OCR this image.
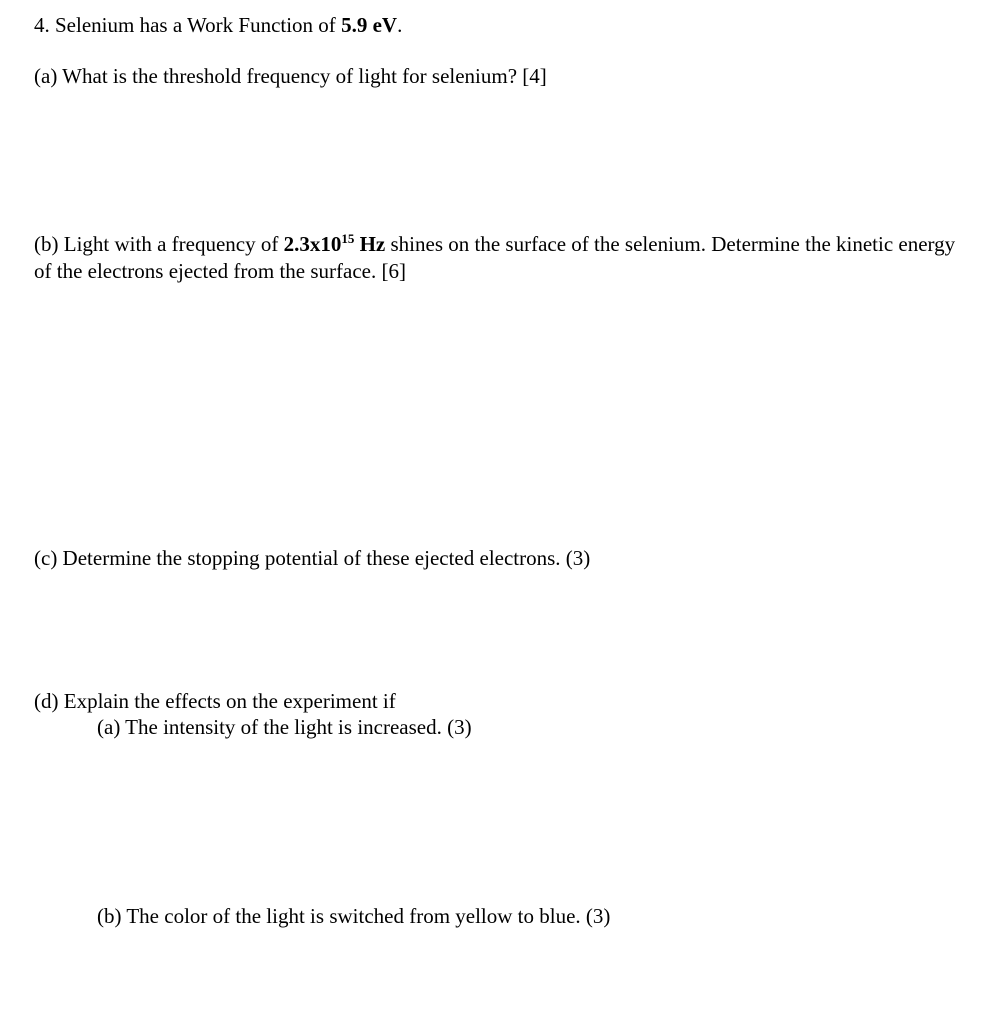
4. Selenium has a Work Function of 5.9 eV.
(a) What is the threshold frequency of light for selenium? [4]
(b) Light with a frequency of $2.3x10^{15}$ Hz shines on the surface of the selenium. Determine the kinetic energy
of the electrons ejected from the surface. [6]
(c) Determine the stopping potential of these ejected electrons. (3)
(d) Explain the effects on the experiment if
(a) The intensity of the light is increased. (3)
(b) The color of the light is switched from yellow to blue. (3)
